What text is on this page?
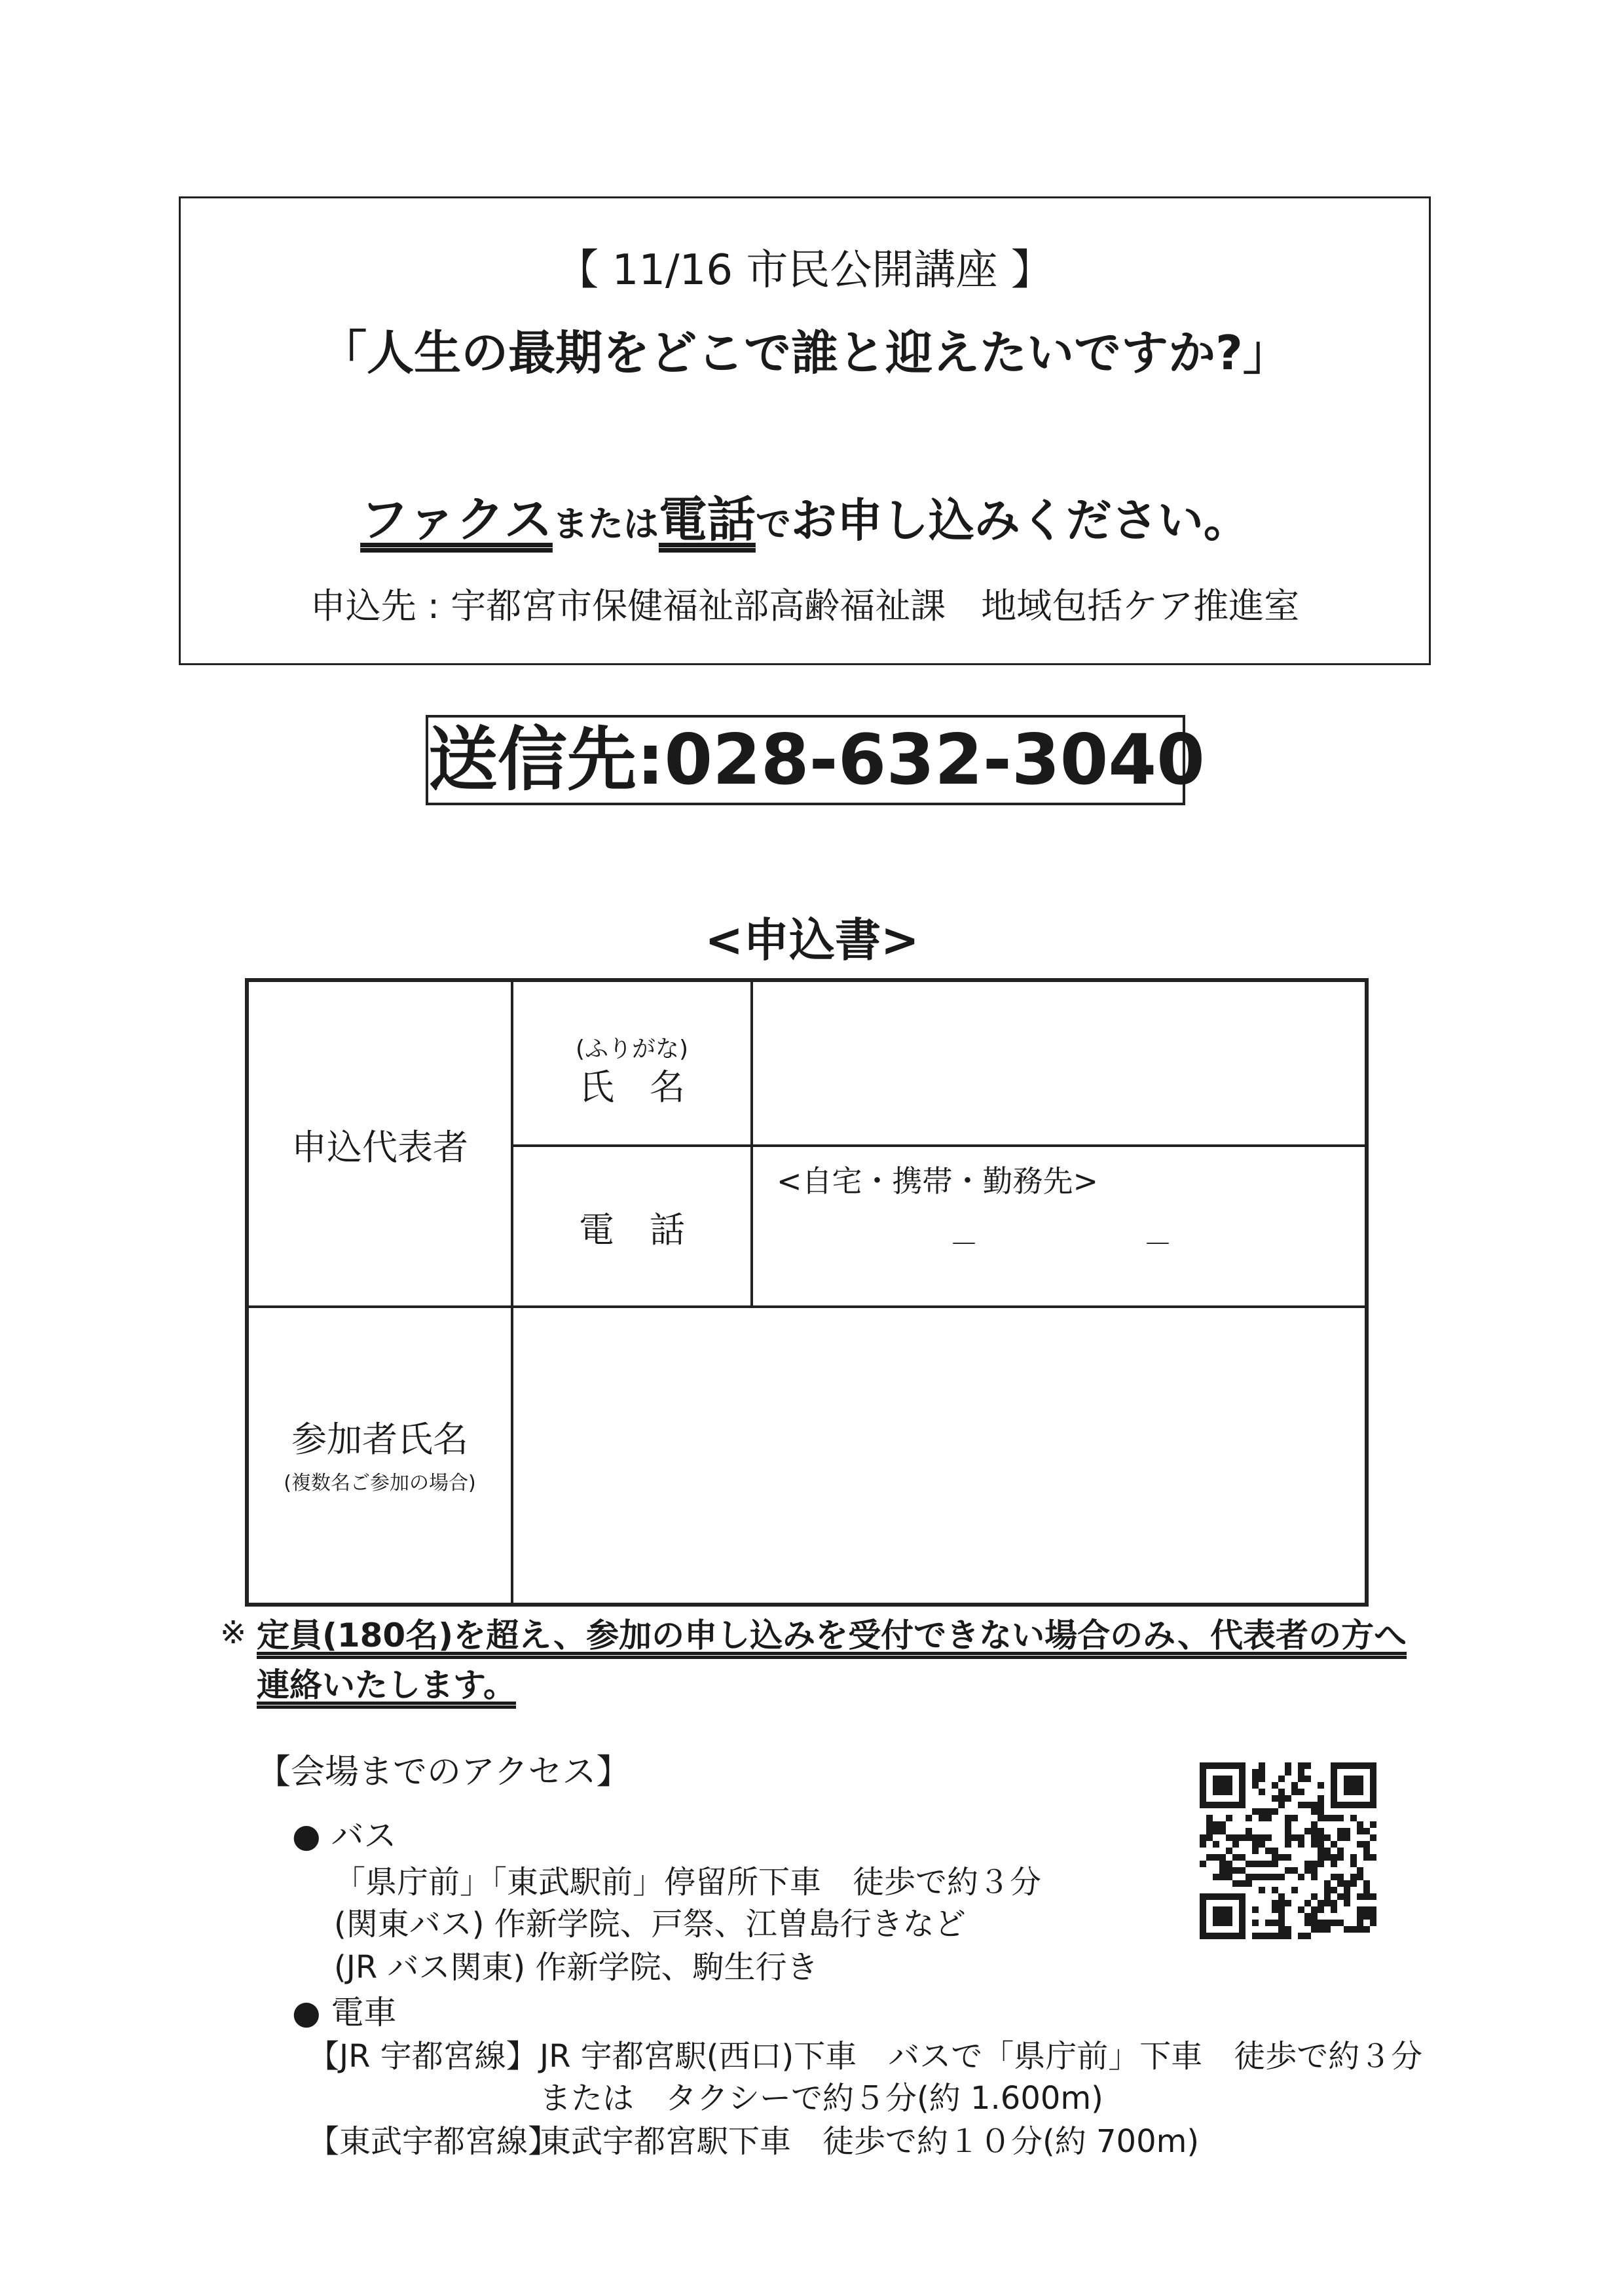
【 11/16 市民公開講座 】
「人生の最期をどこで誰と迎えたいですか?」
ファクスまたは電話でお申し込みください。
申込先 : 宇都宮市保健福祉部高齢福祉課　地域包括ケア推進室
送信先:028-632-3040
<申込書>
申込代表者
(ふりがな)
氏　名
電　話
<自宅・携帯・勤務先>
－	－
参加者氏名
(複数名ご参加の場合)
※ 定員(180名)を超え、参加の申し込みを受付できない場合のみ、代表者の方へ連絡いたします。
【会場までのアクセス】
● バス
「県庁前」「東武駅前」停留所下車　徒歩で約３分
(関東バス) 作新学院、戸祭、江曽島行きなど
(JR バス関東) 作新学院、駒生行き
● 電車
【JR 宇都宮線】 JR 宇都宮駅(西口)下車　バスで「県庁前」下車　徒歩で約３分
または　タクシーで約５分(約 1.600m)
【東武宇都宮線】
東武宇都宮駅下車　徒歩で約１０分(約 700m)
